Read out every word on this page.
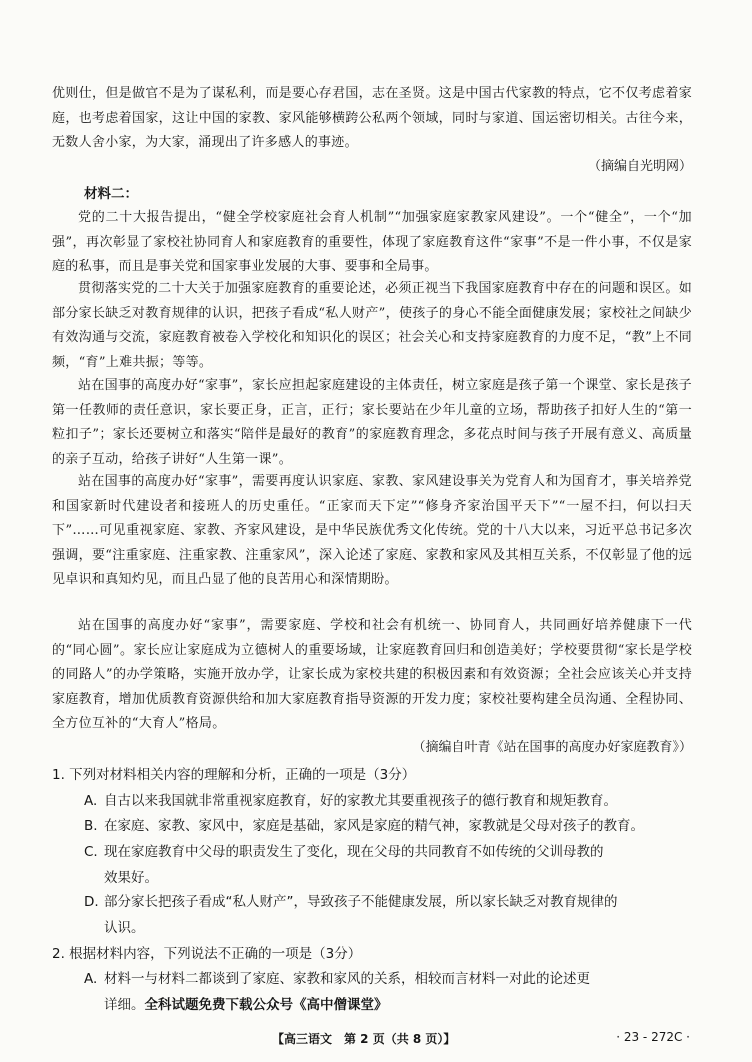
优则仕，但是做官不是为了谋私利，而是要心存君国，志在圣贤。这是中国古代家教的特点，它不仅考虑着家庭，也考虑着国家，这让中国的家教、家风能够横跨公私两个领域，同时与家道、国运密切相关。古往今来，无数人舍小家，为大家，涌现出了许多感人的事迹。
（摘编自光明网）
材料二：
党的二十大报告提出，“健全学校家庭社会育人机制”“加强家庭家教家风建设”。一个“健全”，一个“加强”，再次彰显了家校社协同育人和家庭教育的重要性，体现了家庭教育这件“家事”不是一件小事，不仅是家庭的私事，而且是事关党和国家事业发展的大事、要事和全局事。
贯彻落实党的二十大关于加强家庭教育的重要论述，必须正视当下我国家庭教育中存在的问题和误区。如部分家长缺乏对教育规律的认识，把孩子看成“私人财产”，使孩子的身心不能全面健康发展；家校社之间缺少有效沟通与交流，家庭教育被卷入学校化和知识化的误区；社会关心和支持家庭教育的力度不足，“教”上不同频，“育”上难共振；等等。
站在国事的高度办好“家事”，家长应担起家庭建设的主体责任，树立家庭是孩子第一个课堂、家长是孩子第一任教师的责任意识，家长要正身，正言，正行；家长要站在少年儿童的立场，帮助孩子扣好人生的“第一粒扣子”；家长还要树立和落实“陪伴是最好的教育”的家庭教育理念，多花点时间与孩子开展有意义、高质量的亲子互动，给孩子讲好“人生第一课”。
站在国事的高度办好“家事”，需要再度认识家庭、家教、家风建设事关为党育人和为国育才，事关培养党和国家新时代建设者和接班人的历史重任。“正家而天下定”“修身齐家治国平天下”“一屋不扫，何以扫天下”……可见重视家庭、家教、齐家风建设，是中华民族优秀文化传统。党的十八大以来，习近平总书记多次强调，要“注重家庭、注重家教、注重家风”，深入论述了家庭、家教和家风及其相互关系，不仅彰显了他的远见卓识和真知灼见，而且凸显了他的良苦用心和深情期盼。
站在国事的高度办好“家事”，需要家庭、学校和社会有机统一、协同育人，共同画好培养健康下一代的“同心圆”。家长应让家庭成为立德树人的重要场域，让家庭教育回归和创造美好；学校要贯彻“家长是学校的同路人”的办学策略，实施开放办学，让家长成为家校共建的积极因素和有效资源；全社会应该关心并支持家庭教育，增加优质教育资源供给和加大家庭教育指导资源的开发力度；家校社要构建全员沟通、全程协同、全方位互补的“大育人”格局。
（摘编自叶青《站在国事的高度办好家庭教育》）
1. 下列对材料相关内容的理解和分析，正确的一项是（3分）
A. 自古以来我国就非常重视家庭教育，好的家教尤其要重视孩子的德行教育和规矩教育。
B. 在家庭、家教、家风中，家庭是基础，家风是家庭的精气神，家教就是父母对孩子的教育。
C. 现在家庭教育中父母的职责发生了变化，现在父母的共同教育不如传统的父训母教的
效果好。
D. 部分家长把孩子看成“私人财产”，导致孩子不能健康发展，所以家长缺乏对教育规律的
认识。
2. 根据材料内容，下列说法不正确的一项是（3分）
A. 材料一与材料二都谈到了家庭、家教和家风的关系，相较而言材料一对此的论述更
详细。全科试题免费下载公众号《高中僧课堂》
【高三语文　第 2 页（共 8 页）】	· 23 - 272C ·
